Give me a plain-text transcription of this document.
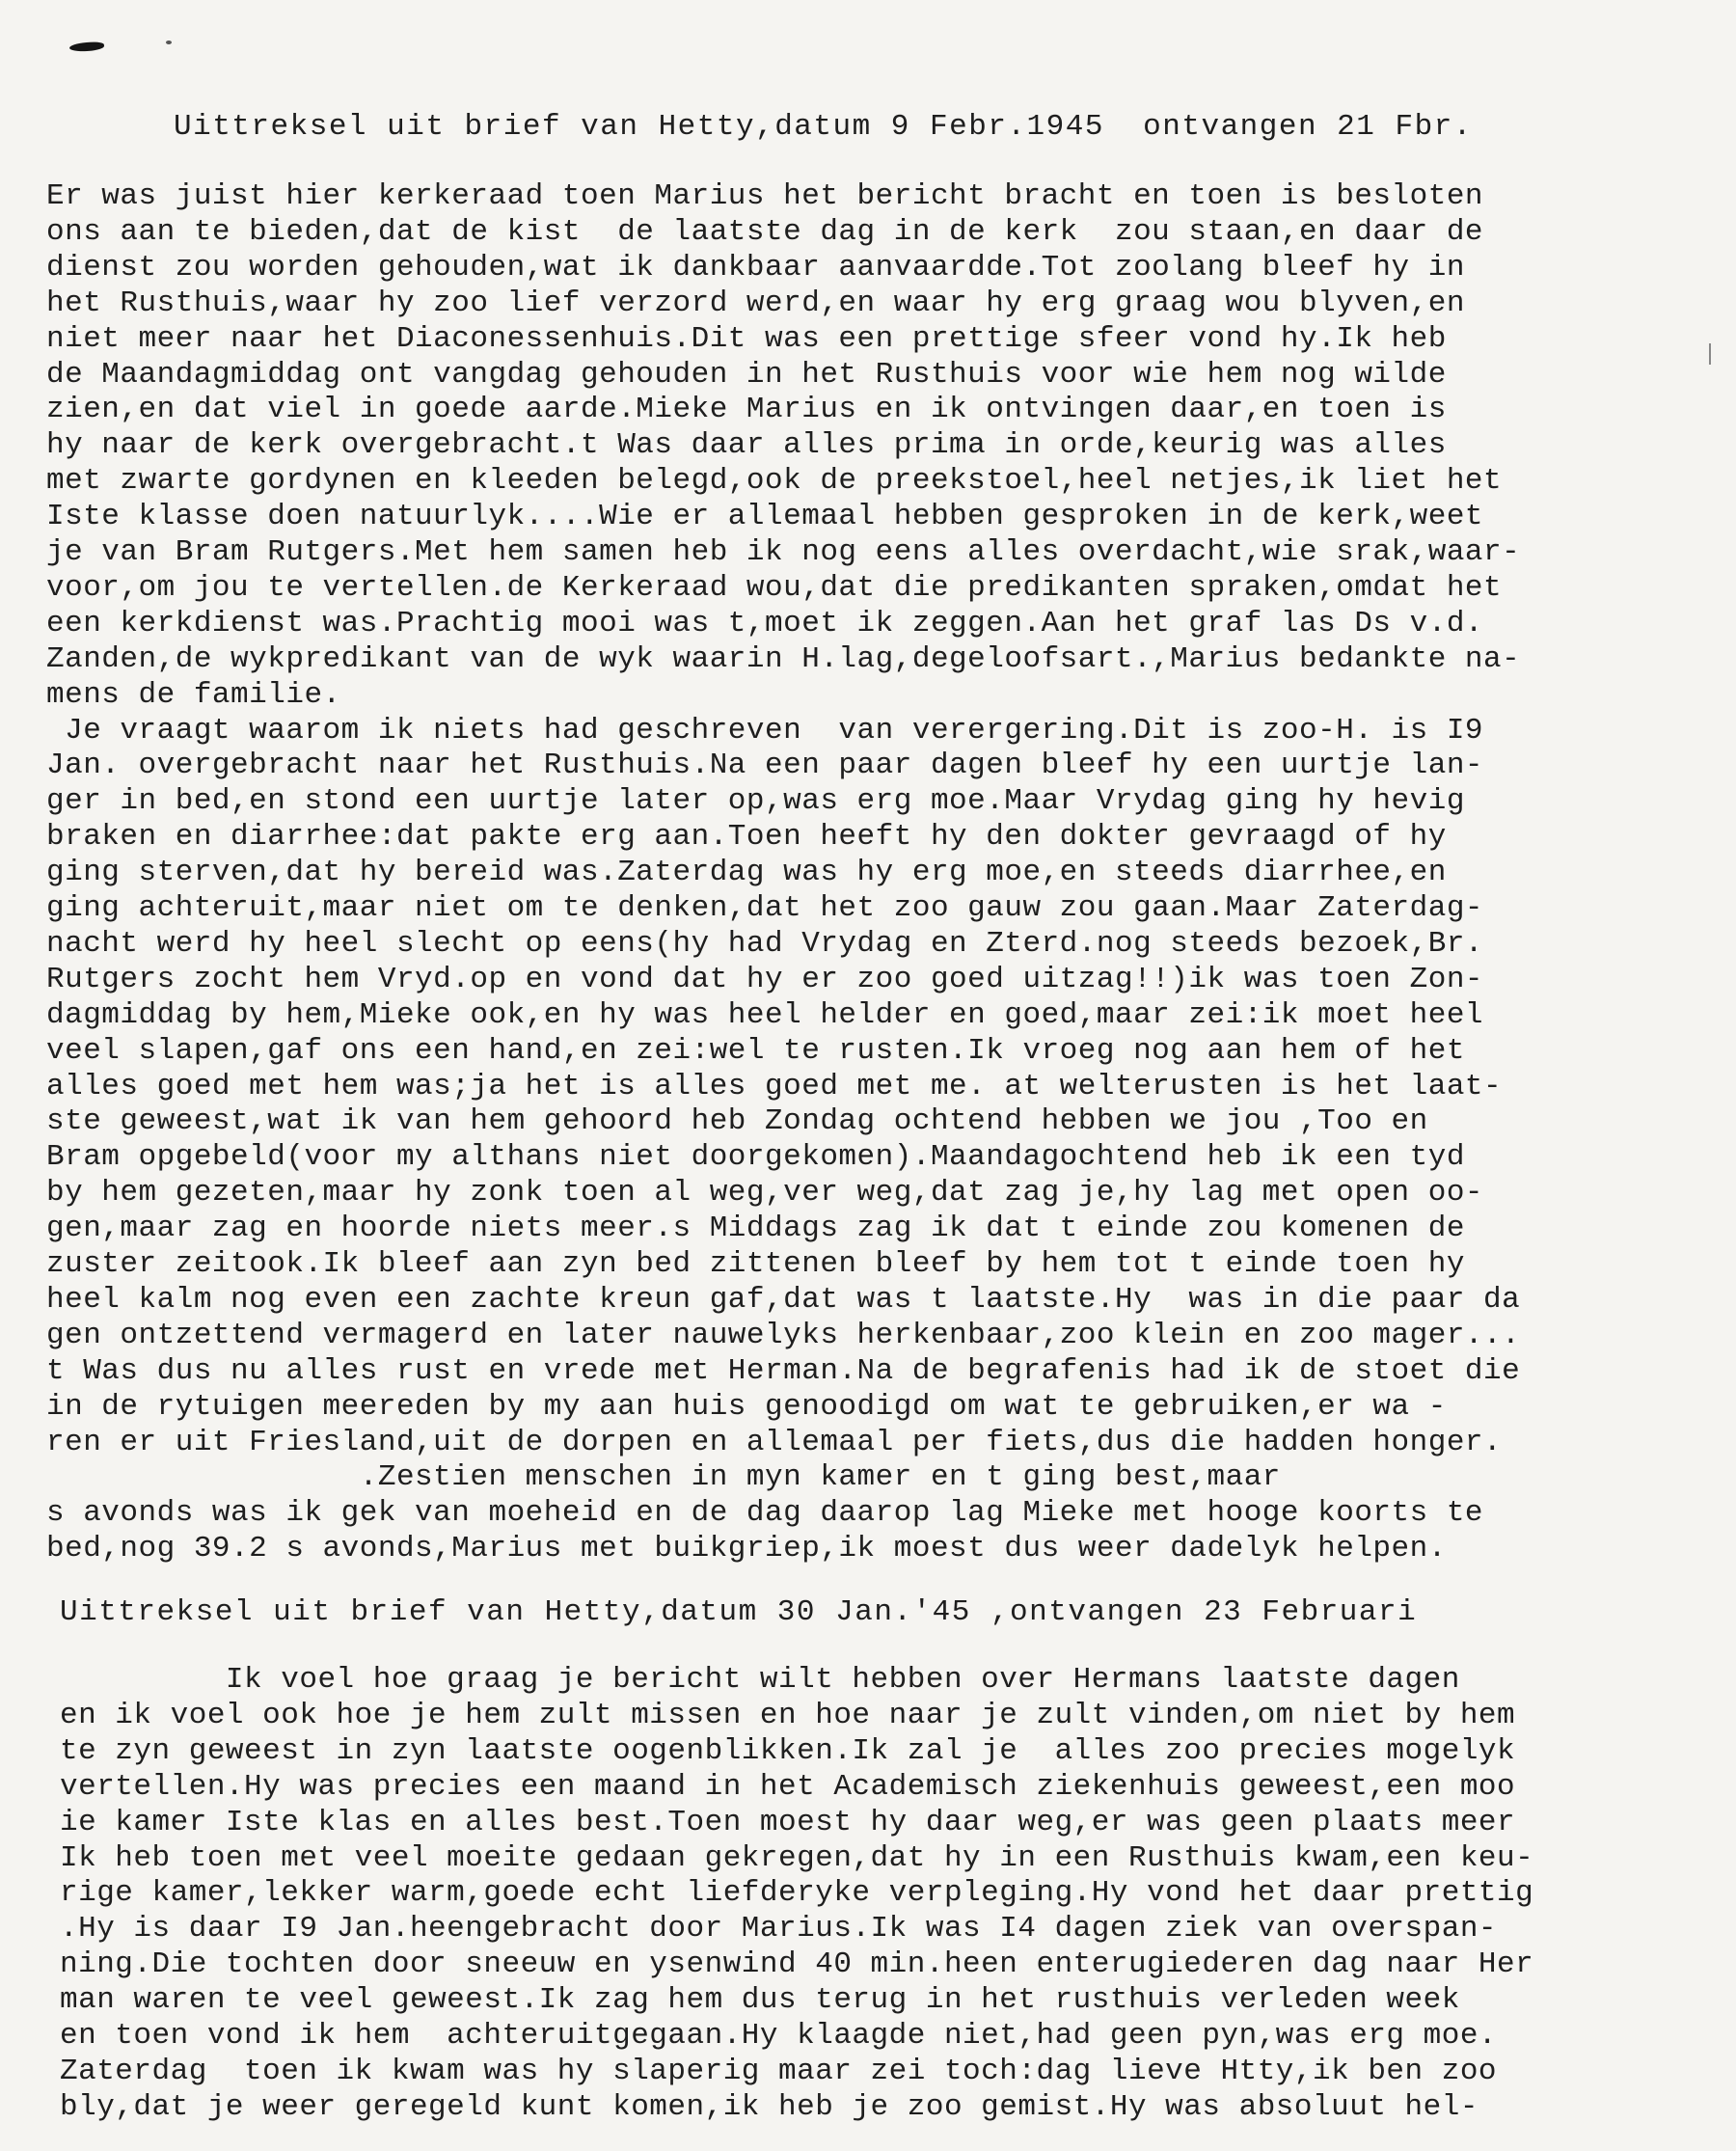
Uittreksel uit brief van Hetty,datum 9 Febr.1945  ontvangen 21 Fbr.
Er was juist hier kerkeraad toen Marius het bericht bracht en toen is besloten
ons aan te bieden,dat de kist  de laatste dag in de kerk  zou staan,en daar de
dienst zou worden gehouden,wat ik dankbaar aanvaardde.Tot zoolang bleef hy in
het Rusthuis,waar hy zoo lief verzord werd,en waar hy erg graag wou blyven,en
niet meer naar het Diaconessenhuis.Dit was een prettige sfeer vond hy.Ik heb
de Maandagmiddag ont vangdag gehouden in het Rusthuis voor wie hem nog wilde
zien,en dat viel in goede aarde.Mieke Marius en ik ontvingen daar,en toen is
hy naar de kerk overgebracht.t Was daar alles prima in orde,keurig was alles
met zwarte gordynen en kleeden belegd,ook de preekstoel,heel netjes,ik liet het
Iste klasse doen natuurlyk....Wie er allemaal hebben gesproken in de kerk,weet
je van Bram Rutgers.Met hem samen heb ik nog eens alles overdacht,wie srak,waar-
voor,om jou te vertellen.de Kerkeraad wou,dat die predikanten spraken,omdat het
een kerkdienst was.Prachtig mooi was t,moet ik zeggen.Aan het graf las Ds v.d.
Zanden,de wykpredikant van de wyk waarin H.lag,degeloofsart.,Marius bedankte na-
mens de familie.
Je vraagt waarom ik niets had geschreven  van verergering.Dit is zoo-H. is I9
Jan. overgebracht naar het Rusthuis.Na een paar dagen bleef hy een uurtje lan-
ger in bed,en stond een uurtje later op,was erg moe.Maar Vrydag ging hy hevig
braken en diarrhee:dat pakte erg aan.Toen heeft hy den dokter gevraagd of hy
ging sterven,dat hy bereid was.Zaterdag was hy erg moe,en steeds diarrhee,en
ging achteruit,maar niet om te denken,dat het zoo gauw zou gaan.Maar Zaterdag-
nacht werd hy heel slecht op eens(hy had Vrydag en Zterd.nog steeds bezoek,Br.
Rutgers zocht hem Vryd.op en vond dat hy er zoo goed uitzag!!)ik was toen Zon-
dagmiddag by hem,Mieke ook,en hy was heel helder en goed,maar zei:ik moet heel
veel slapen,gaf ons een hand,en zei:wel te rusten.Ik vroeg nog aan hem of het
alles goed met hem was;ja het is alles goed met me. at welterusten is het laat-
ste geweest,wat ik van hem gehoord heb Zondag ochtend hebben we jou ,Too en
Bram opgebeld(voor my althans niet doorgekomen).Maandagochtend heb ik een tyd
by hem gezeten,maar hy zonk toen al weg,ver weg,dat zag je,hy lag met open oo-
gen,maar zag en hoorde niets meer.s Middags zag ik dat t einde zou komenen de
zuster zeitook.Ik bleef aan zyn bed zittenen bleef by hem tot t einde toen hy
heel kalm nog even een zachte kreun gaf,dat was t laatste.Hy  was in die paar da
gen ontzettend vermagerd en later nauwelyks herkenbaar,zoo klein en zoo mager...
t Was dus nu alles rust en vrede met Herman.Na de begrafenis had ik de stoet die
in de rytuigen meereden by my aan huis genoodigd om wat te gebruiken,er wa -
ren er uit Friesland,uit de dorpen en allemaal per fiets,dus die hadden honger.
.Zestien menschen in myn kamer en t ging best,maar
s avonds was ik gek van moeheid en de dag daarop lag Mieke met hooge koorts te
bed,nog 39.2 s avonds,Marius met buikgriep,ik moest dus weer dadelyk helpen.
Uittreksel uit brief van Hetty,datum 30 Jan.'45 ,ontvangen 23 Februari
Ik voel hoe graag je bericht wilt hebben over Hermans laatste dagen
en ik voel ook hoe je hem zult missen en hoe naar je zult vinden,om niet by hem
te zyn geweest in zyn laatste oogenblikken.Ik zal je  alles zoo precies mogelyk
vertellen.Hy was precies een maand in het Academisch ziekenhuis geweest,een moo
ie kamer Iste klas en alles best.Toen moest hy daar weg,er was geen plaats meer
Ik heb toen met veel moeite gedaan gekregen,dat hy in een Rusthuis kwam,een keu-
rige kamer,lekker warm,goede echt liefderyke verpleging.Hy vond het daar prettig
.Hy is daar I9 Jan.heengebracht door Marius.Ik was I4 dagen ziek van overspan-
ning.Die tochten door sneeuw en ysenwind 40 min.heen enterugiederen dag naar Her
man waren te veel geweest.Ik zag hem dus terug in het rusthuis verleden week
en toen vond ik hem  achteruitgegaan.Hy klaagde niet,had geen pyn,was erg moe.
Zaterdag  toen ik kwam was hy slaperig maar zei toch:dag lieve Htty,ik ben zoo
bly,dat je weer geregeld kunt komen,ik heb je zoo gemist.Hy was absoluut hel-
